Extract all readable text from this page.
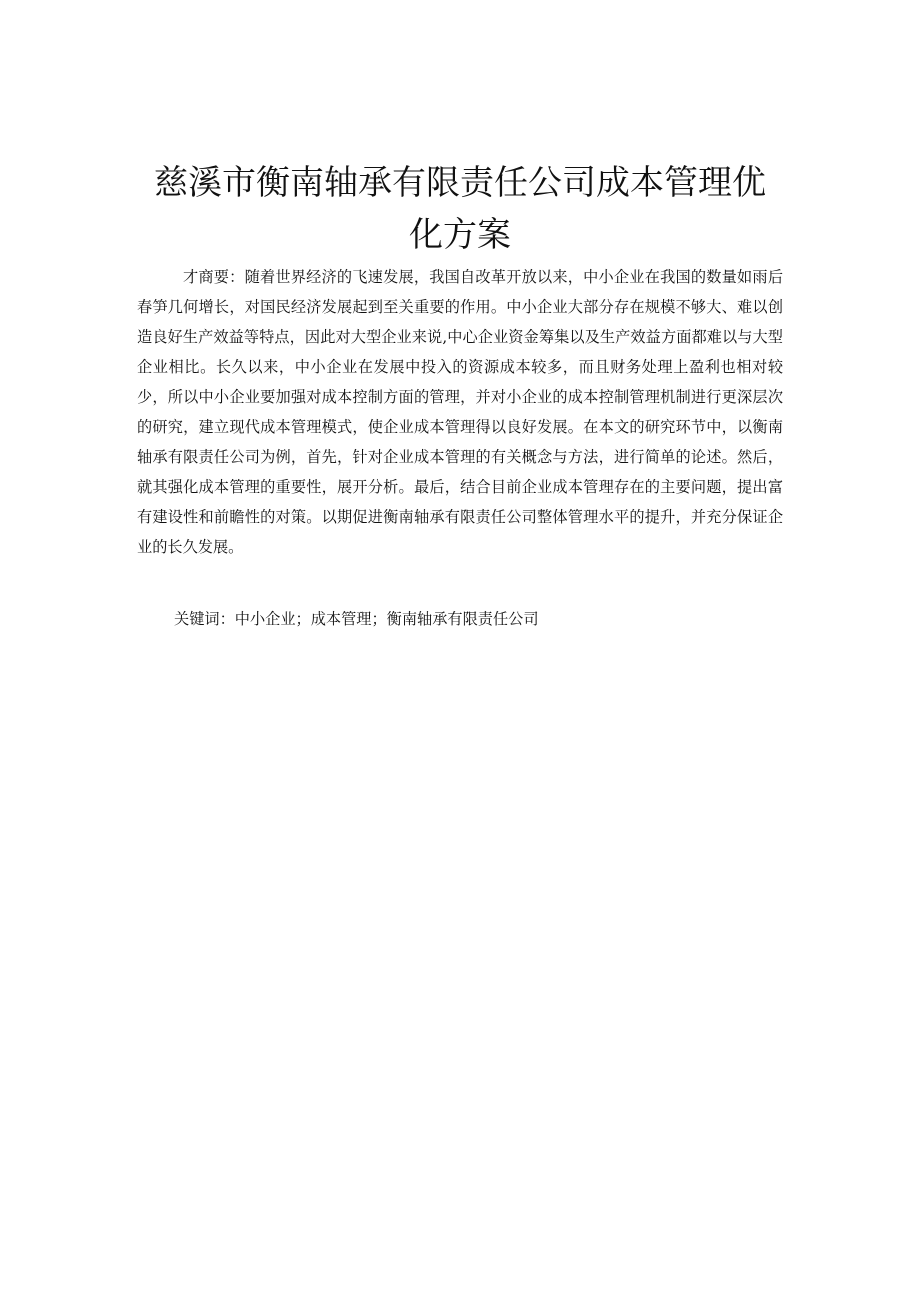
慈溪市衡南轴承有限责任公司成本管理优化方案

才商要：随着世界经济的飞速发展，我国自改革开放以来，中小企业在我国的数量如雨后春笋几何增长，对国民经济发展起到至关重要的作用。中小企业大部分存在规模不够大、难以创造良好生产效益等特点，因此对大型企业来说,中心企业资金筹集以及生产效益方面都难以与大型企业相比。长久以来，中小企业在发展中投入的资源成本较多，而且财务处理上盈利也相对较少，所以中小企业要加强对成本控制方面的管理，并对小企业的成本控制管理机制进行更深层次的研究，建立现代成本管理模式，使企业成本管理得以良好发展。在本文的研究环节中，以衡南轴承有限责任公司为例，首先，针对企业成本管理的有关概念与方法，进行简单的论述。然后，就其强化成本管理的重要性，展开分析。最后，结合目前企业成本管理存在的主要问题，提出富有建设性和前瞻性的对策。以期促进衡南轴承有限责任公司整体管理水平的提升，并充分保证企业的长久发展。

关键词：中小企业；成本管理；衡南轴承有限责任公司
